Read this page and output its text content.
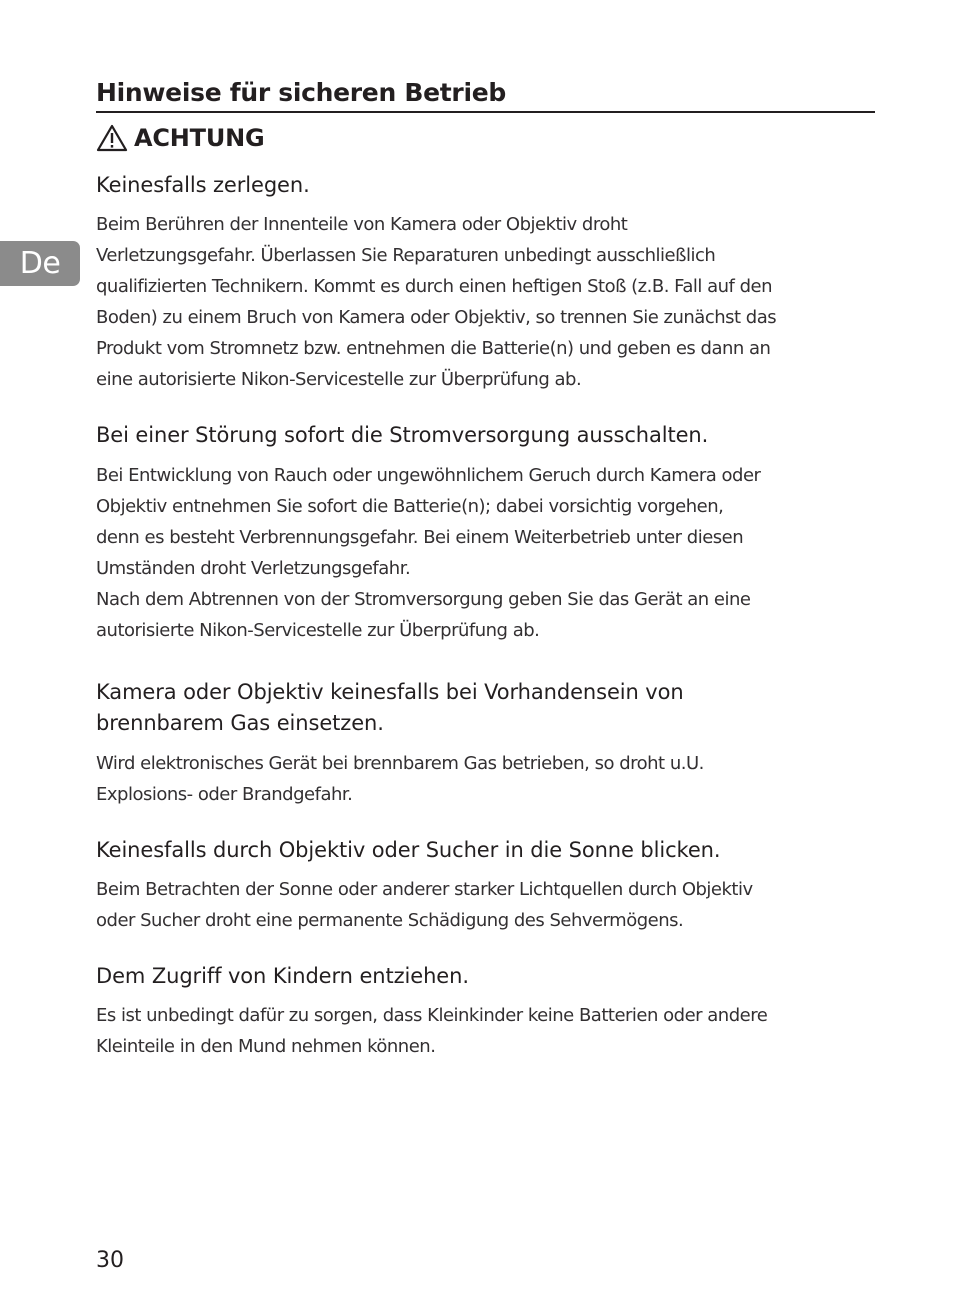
De
Hinweise für sicheren Betrieb
ACHTUNG
Keinesfalls zerlegen.
Beim Berühren der Innenteile von Kamera oder Objektiv droht
Verletzungsgefahr. Überlassen Sie Reparaturen unbedingt ausschließlich
qualifizierten Technikern. Kommt es durch einen heftigen Stoß (z.B. Fall auf den
Boden) zu einem Bruch von Kamera oder Objektiv, so trennen Sie zunächst das
Produkt vom Stromnetz bzw. entnehmen die Batterie(n) und geben es dann an
eine autorisierte Nikon-Servicestelle zur Überprüfung ab.
Bei einer Störung sofort die Stromversorgung ausschalten.
Bei Entwicklung von Rauch oder ungewöhnlichem Geruch durch Kamera oder
Objektiv entnehmen Sie sofort die Batterie(n); dabei vorsichtig vorgehen,
denn es besteht Verbrennungsgefahr. Bei einem Weiterbetrieb unter diesen
Umständen droht Verletzungsgefahr.
Nach dem Abtrennen von der Stromversorgung geben Sie das Gerät an eine
autorisierte Nikon-Servicestelle zur Überprüfung ab.
Kamera oder Objektiv keinesfalls bei Vorhandensein von
brennbarem Gas einsetzen.
Wird elektronisches Gerät bei brennbarem Gas betrieben, so droht u.U.
Explosions- oder Brandgefahr.
Keinesfalls durch Objektiv oder Sucher in die Sonne blicken.
Beim Betrachten der Sonne oder anderer starker Lichtquellen durch Objektiv
oder Sucher droht eine permanente Schädigung des Sehvermögens.
Dem Zugriff von Kindern entziehen.
Es ist unbedingt dafür zu sorgen, dass Kleinkinder keine Batterien oder andere
Kleinteile in den Mund nehmen können.
30
